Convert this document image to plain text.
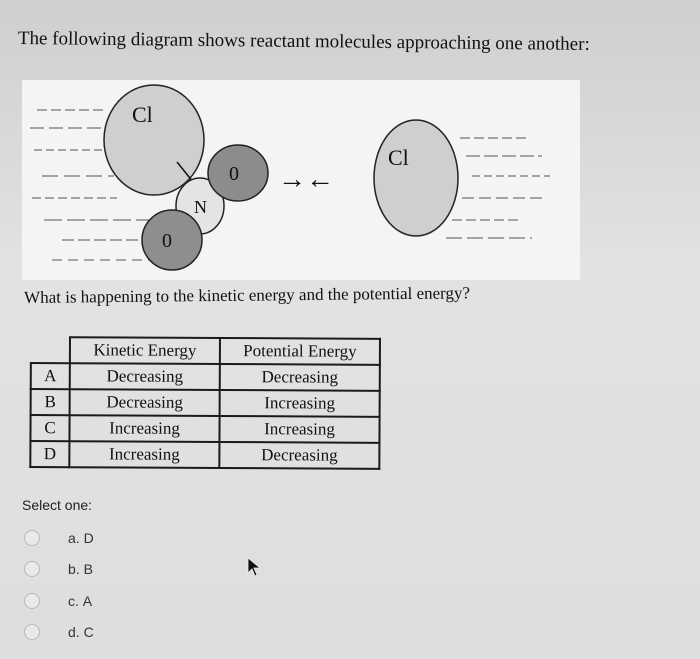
The following diagram shows reactant molecules approaching one another:
Cl
N
0
0
→←
Cl
What is happening to the kinetic energy and the potential energy?
	Kinetic Energy	Potential Energy
A	Decreasing	Decreasing
B	Decreasing	Increasing
C	Increasing	Increasing
D	Increasing	Decreasing
Select one:
a.
D
b.
B
c.
A
d.
C
